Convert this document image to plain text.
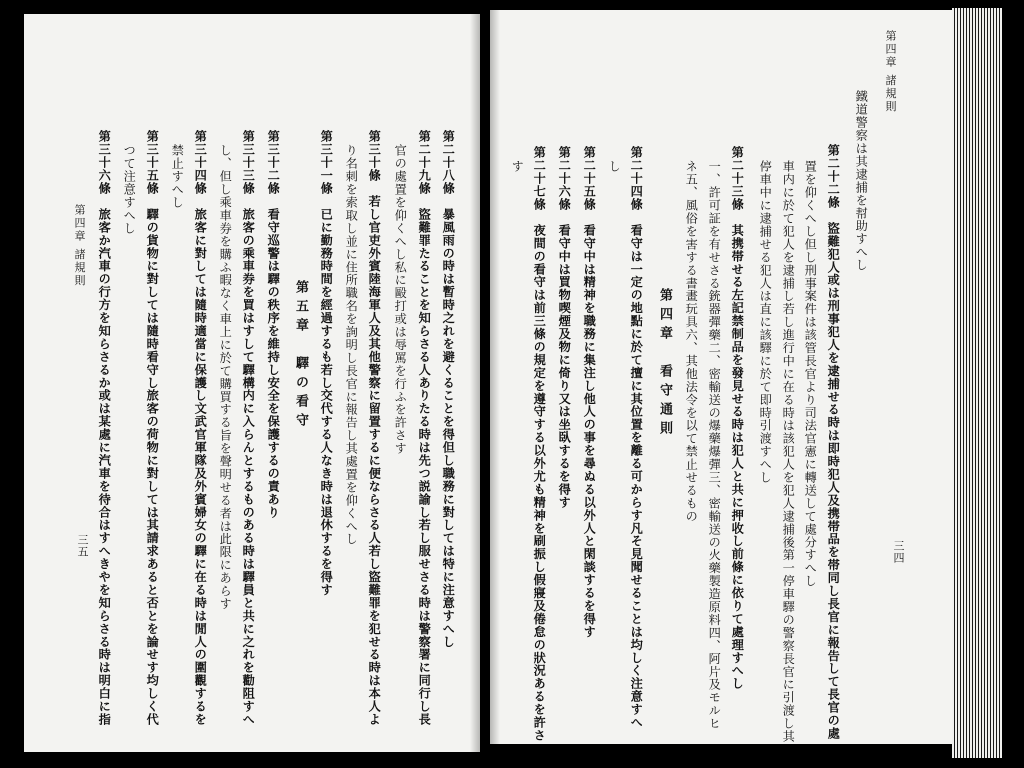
第四章 諸規則
鐵道警察は其逮捕を幇助すへし
第二十二條　盜難犯人或は刑事犯人を逮捕せる時は即時犯人及携帯品を帯同し長官に報告して長官の處
置を仰くへし但し刑事案件は該管長官より司法官憲に轉送して處分すへし
車内に於て犯人を逮捕し若し進行中に在る時は該犯人を犯人逮捕後第一停車驛の警察長官に引渡し其
停車中に逮捕せる犯人は直に該驛に於て即時引渡すへし
第二十三條　其携帯せる左記禁制品を發見せる時は犯人と共に押收し前條に依りて處理すへし
一、許可証を有せさる銃器彈藥二、密輸送の爆藥爆彈三、密輸送の火藥製造原料四、阿片及モルヒ
ネ五、風俗を害する書畫玩具六、其他法令を以て禁止せるもの
第四章　看守通則
第二十四條　看守は一定の地點に於て擅に其位置を離る可からす凡そ見聞せることは均しく注意すへ
し
第二十五條　看守中は精神を職務に集注し他人の事を尋ぬる以外人と閑談するを得す
第二十六條　看守中は買物喫煙及物に倚り又は坐臥するを得す
第二十七條　夜間の看守は前三條の規定を遵守する以外尤も精神を刷振し假寢及倦怠の狀況あるを許さ
す
三四
第二十八條　暴風雨の時は暫時之れを避くることを得但し職務に對しては特に注意すへし
第二十九條　盜難罪たることを知らさる人ありたる時は先つ説諭し若し服せさる時は警察署に同行し長
官の處置を仰くへし私に毆打或は辱罵を行ふを許さす
第三十條　若し官吏外賓陸海軍人及其他警察に留置するに便ならさる人若し盜難罪を犯せる時は本人よ
り名刺を索取し並に住所職名を詢明し長官に報告し其處置を仰くへし
第三十一條　已に勤務時間を經過するも若し交代する人なき時は退休するを得す
第五章　驛の看守
第三十二條　看守巡警は驛の秩序を維持し安全を保護するの責あり
第三十三條　旅客の乘車券を買はすして驛構内に入らんとするものある時は驛員と共に之れを勸阻すへ
し、但し乘車券を購ふ暇なく車上に於て購買する旨を聲明せる者は此限にあらす
第三十四條　旅客に對しては隨時適當に保護し文武官軍隊及外賓婦女の驛に在る時は閒人の圍觀するを
禁止すへし
第三十五條　驛の貨物に對しては隨時看守し旅客の荷物に對しては其請求あると否とを論せす均しく代
つて注意すへし
第三十六條　旅客か汽車の行方を知らさるか或は某處に汽車を待合はすへきやを知らさる時は明白に指
第四章 諸規則
三五
